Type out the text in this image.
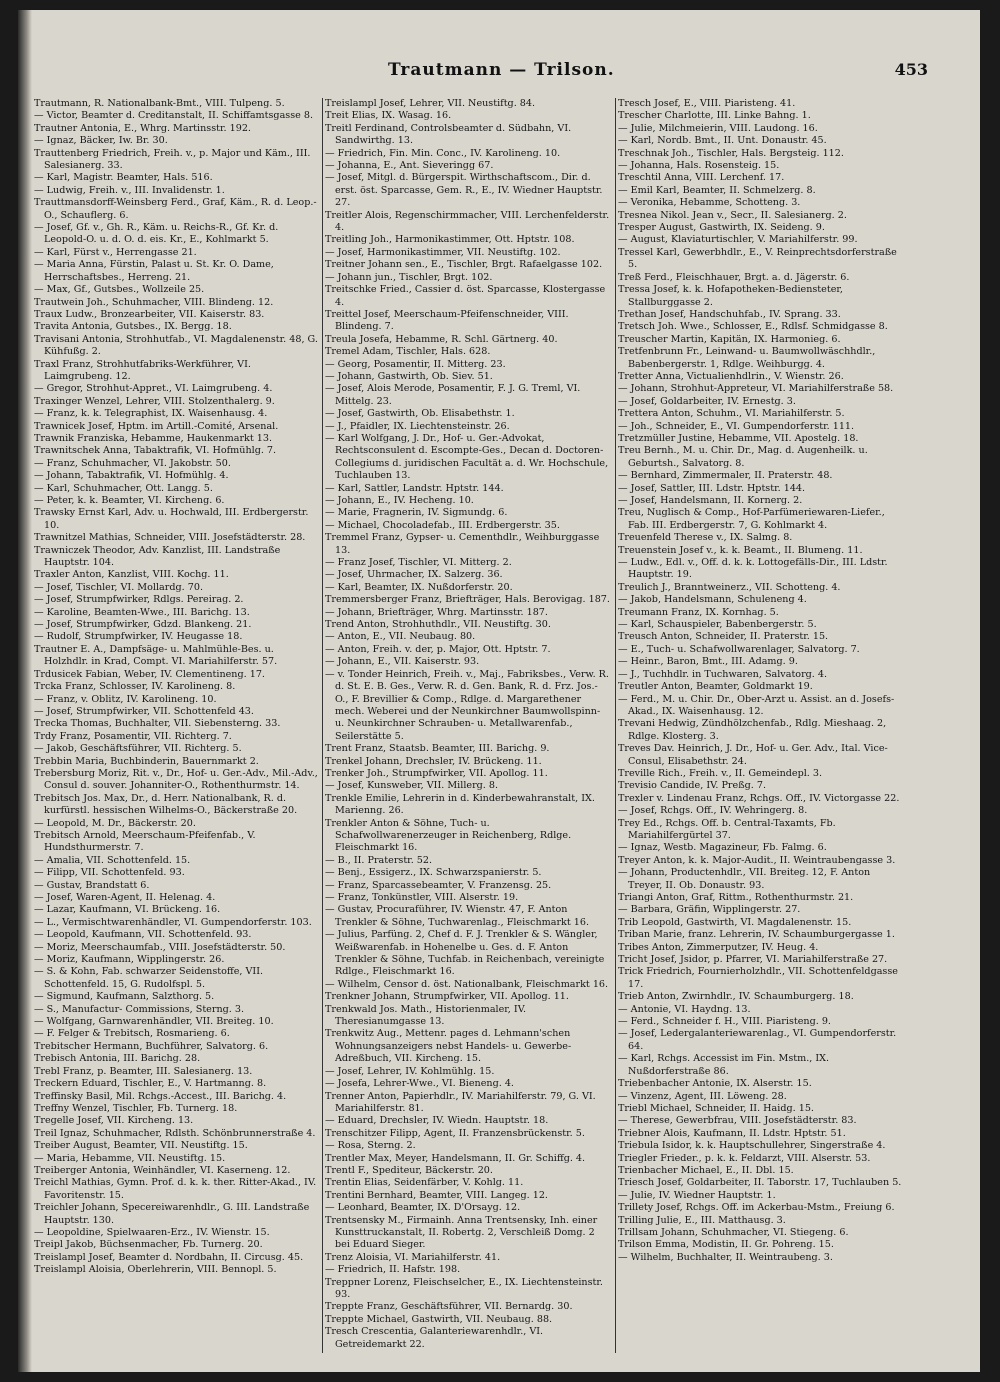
Trautmann — Trilson.	453

Trautmann, R. Nationalbank-Bmt., VIII. Tulpeng. 5.

— Victor, Beamter d. Creditanstalt, II. Schiffamtsgasse 8.

Trautner Antonia, E., Whrg. Martinsstr. 192.

— Ignaz, Bäcker, Iw. Br. 30.

Trauttenberg Friedrich, Freih. v., p. Major und Käm., III. Salesianerg. 33.

— Karl, Magistr. Beamter, Hals. 516.

— Ludwig, Freih. v., III. Invalidenstr. 1.

Trauttmansdorff-Weinsberg Ferd., Graf, Käm., R. d. Leop.-O., Schauflerg. 6.

— Josef, Gf. v., Gh. R., Käm. u. Reichs-R., Gf. Kr. d. Leopold-O. u. d. O. d. eis. Kr., E., Kohlmarkt 5.

— Karl, Fürst v., Herrengasse 21.

— Maria Anna, Fürstin, Palast u. St. Kr. O. Dame, Herrschaftsbes., Herreng. 21.

— Max, Gf., Gutsbes., Wollzeile 25.

Trautwein Joh., Schuhmacher, VIII. Blindeng. 12.

Traux Ludw., Bronzearbeiter, VII. Kaiserstr. 83.

Travita Antonia, Gutsbes., IX. Bergg. 18.

Travisani Antonia, Strohhutfab., VI. Magdalenenstr. 48, G. Kühfußg. 2.

Traxl Franz, Strohhutfabriks-Werkführer, VI. Laimgrubeng. 12.

— Gregor, Strohhut-Appret., VI. Laimgrubeng. 4.

Traxinger Wenzel, Lehrer, VIII. Stolzenthalerg. 9.

— Franz, k. k. Telegraphist, IX. Waisenhausg. 4.

Trawnicek Josef, Hptm. im Artill.-Comité, Arsenal.

Trawnik Franziska, Hebamme, Haukenmarkt 13.

Trawnitschek Anna, Tabaktrafik, VI. Hofmühlg. 7.

— Franz, Schuhmacher, VI. Jakobstr. 50.

— Johann, Tabaktrafik, VI. Hofmühlg. 4.

— Karl, Schuhmacher, Ott. Langg. 5.

— Peter, k. k. Beamter, VI. Kircheng. 6.

Trawsky Ernst Karl, Adv. u. Hochwald, III. Erdbergerstr. 10.

Trawnitzel Mathias, Schneider, VIII. Josefstädterstr. 28.

Trawniczek Theodor, Adv. Kanzlist, III. Landstraße Hauptstr. 104.

Traxler Anton, Kanzlist, VIII. Kochg. 11.

— Josef, Tischler, VI. Mollardg. 70.

— Josef, Strumpfwirker, Rdlgs. Pereirag. 2.

— Karoline, Beamten-Wwe., III. Barichg. 13.

— Josef, Strumpfwirker, Gdzd. Blankeng. 21.

— Rudolf, Strumpfwirker, IV. Heugasse 18.

Trautner E. A., Dampfsäge- u. Mahlmühle-Bes. u. Holzhdlr. in Krad, Compt. VI. Mariahilferstr. 57.

Trdusicek Fabian, Weber, IV. Clementineng. 17.

Trcka Franz, Schlosser, IV. Karolineng. 8.

— Franz, v. Oblitz, IV. Karolineng. 10.

— Josef, Strumpfwirker, VII. Schottenfeld 43.

Trecka Thomas, Buchhalter, VII. Siebensterng. 33.

Trdy Franz, Posamentir, VII. Richterg. 7.

— Jakob, Geschäftsführer, VII. Richterg. 5.

Trebbin Maria, Buchbinderin, Bauernmarkt 2.

Trebersburg Moriz, Rit. v., Dr., Hof- u. Ger.-Adv., Mil.-Adv., Consul d. souver. Johanniter-O., Rothenthurmstr. 14.

Trebitsch Jos. Max, Dr., d. Herr. Nationalbank, R. d. kurfürstl. hessischen Wilhelms-O., Bäckerstraße 20.

— Leopold, M. Dr., Bäckerstr. 20.

Trebitsch Arnold, Meerschaum-Pfeifenfab., V. Hundsthurmerstr. 7.

— Amalia, VII. Schottenfeld. 15.

— Filipp, VII. Schottenfeld. 93.

— Gustav, Brandstatt 6.

— Josef, Waren-Agent, II. Helenag. 4.

— Lazar, Kaufmann, VI. Brückeng. 16.

— L., Vermischtwarenhändler, VI. Gumpendorferstr. 103.

— Leopold, Kaufmann, VII. Schottenfeld. 93.

— Moriz, Meerschaumfab., VIII. Josefstädterstr. 50.

— Moriz, Kaufmann, Wipplingerstr. 26.

— S. & Kohn, Fab. schwarzer Seidenstoffe, VII. Schottenfeld. 15, G. Rudolfspl. 5.

— Sigmund, Kaufmann, Salzthorg. 5.

— S., Manufactur- Commissions, Sterng. 3.

— Wolfgang, Garnwarenhändler, VII. Breiteg. 10.

— F. Felger & Trebitsch, Rosmarieng. 6.

Trebitscher Hermann, Buchführer, Salvatorg. 6.

Trebisch Antonia, III. Barichg. 28.

Trebl Franz, p. Beamter, III. Salesianerg. 13.

Treckern Eduard, Tischler, E., V. Hartmanng. 8.

Treffinsky Basil, Mil. Rchgs.-Accest., III. Barichg. 4.

Treffny Wenzel, Tischler, Fb. Turnerg. 18.

Tregelle Josef, VII. Kircheng. 13.

Treil Ignaz, Schuhmacher, Rdlsth. Schönbrunnerstraße 4.

Treiber August, Beamter, VII. Neustiftg. 15.

— Maria, Hebamme, VII. Neustiftg. 15.

Treiberger Antonia, Weinhändler, VI. Kaserneng. 12.

Treichl Mathias, Gymn. Prof. d. k. k. ther. Ritter-Akad., IV. Favoritenstr. 15.

Treichler Johann, Specereiwarenhdlr., G. III. Landstraße Hauptstr. 130.

— Leopoldine, Spielwaaren-Erz., IV. Wienstr. 15.

Treipl Jakob, Büchsenmacher, Fb. Turnerg. 20.

Treislampl Josef, Beamter d. Nordbahn, II. Circusg. 45.

Treislampl Aloisia, Oberlehrerin, VIII. Bennopl. 5.

Treislampl Josef, Lehrer, VII. Neustiftg. 84.

Treit Elias, IX. Wasag. 16.

Treitl Ferdinand, Controlsbeamter d. Südbahn, VI. Sandwirthg. 13.

— Friedrich, Fin. Min. Conc., IV. Karolineng. 10.

— Johanna, E., Ant. Sieveringg 67.

— Josef, Mitgl. d. Bürgerspit. Wirthschaftscom., Dir. d. erst. öst. Sparcasse, Gem. R., E., IV. Wiedner Hauptstr. 27.

Treitler Alois, Regenschirmmacher, VIII. Lerchenfelderstr. 4.

Treitling Joh., Harmonikastimmer, Ott. Hptstr. 108.

— Josef, Harmonikastimmer, VII. Neustiftg. 102.

Treitner Johann sen., E., Tischler, Brgt. Rafaelgasse 102.

— Johann jun., Tischler, Brgt. 102.

Treitschke Fried., Cassier d. öst. Sparcasse, Klostergasse 4.

Treittel Josef, Meerschaum-Pfeifenschneider, VIII. Blindeng. 7.

Treula Josefa, Hebamme, R. Schl. Gärtnerg. 40.

Tremel Adam, Tischler, Hals. 628.

— Georg, Posamentir, II. Mitterg. 23.

— Johann, Gastwirth, Ob. Siev. 51.

— Josef, Alois Merode, Posamentir, F. J. G. Treml, VI. Mittelg. 23.

— Josef, Gastwirth, Ob. Elisabethstr. 1.

— J., Pfaidler, IX. Liechtensteinstr. 26.

— Karl Wolfgang, J. Dr., Hof- u. Ger.-Advokat, Rechtsconsulent d. Escompte-Ges., Decan d. Doctoren-Collegiums d. juridischen Facultät a. d. Wr. Hochschule, Tuchlauben 13.

— Karl, Sattler, Landstr. Hptstr. 144.

— Johann, E., IV. Hecheng. 10.

— Marie, Fragnerin, IV. Sigmundg. 6.

— Michael, Chocoladefab., III. Erdbergerstr. 35.

Tremmel Franz, Gypser- u. Cementhdlr., Weihburggasse 13.

— Franz Josef, Tischler, VI. Mitterg. 2.

— Josef, Uhrmacher, IX. Salzerg. 36.

— Karl, Beamter, IX. Nußdorferstr. 20.

Tremmersberger Franz, Briefträger, Hals. Berovigag. 187.

— Johann, Briefträger, Whrg. Martinsstr. 187.

Trend Anton, Strohhuthdlr., VII. Neustiftg. 30.

— Anton, E., VII. Neubaug. 80.

— Anton, Freih. v. der, p. Major, Ott. Hptstr. 7.

— Johann, E., VII. Kaiserstr. 93.

— v. Tonder Heinrich, Freih. v., Maj., Fabriksbes., Verw. R. d. St. E. B. Ges., Verw. R. d. Gen. Bank, R. d. Frz. Jos.-O., F. Brevillier & Comp., Rdlge. d. Margarethener mech. Weberei und der Neunkirchner Baumwollspinn- u. Neunkirchner Schrauben- u. Metallwarenfab., Seilerstätte 5.

Trent Franz, Staatsb. Beamter, III. Barichg. 9.

Trenkel Johann, Drechsler, IV. Brückeng. 11.

Trenker Joh., Strumpfwirker, VII. Apollog. 11.

— Josef, Kunsweber, VII. Millerg. 8.

Trenkle Emilie, Lehrerin in d. Kinderbewahranstalt, IX. Marienng. 26.

Trenkler Anton & Söhne, Tuch- u. Schafwollwarenerzeuger in Reichenberg, Rdlge. Fleischmarkt 16.

— B., II. Praterstr. 52.

— Benj., Essigerz., IX. Schwarzspanierstr. 5.

— Franz, Sparcassebeamter, V. Franzensg. 25.

— Franz, Tonkünstler, VIII. Alserstr. 19.

— Gustav, Procuraführer, IV. Wienstr. 47, F. Anton Trenkler & Söhne, Tuchwarenlag., Fleischmarkt 16.

— Julius, Parfüng. 2, Chef d. F. J. Trenkler & S. Wängler, Weißwarenfab. in Hohenelbe u. Ges. d. F. Anton Trenkler & Söhne, Tuchfab. in Reichenbach, vereinigte Rdlge., Fleischmarkt 16.

— Wilhelm, Censor d. öst. Nationalbank, Fleischmarkt 16.

Trenkner Johann, Strumpfwirker, VII. Apollog. 11.

Trenkwald Jos. Math., Historienmaler, IV. Theresianumgasse 13.

Trenkwitz Aug., Mettenr. pages d. Lehmann'schen Wohnungsanzeigers nebst Handels- u. Gewerbe-Adreßbuch, VII. Kircheng. 15.

— Josef, Lehrer, IV. Kohlmühlg. 15.

— Josefa, Lehrer-Wwe., VI. Bieneng. 4.

Trenner Anton, Papierhdlr., IV. Mariahilferstr. 79, G. VI. Mariahilferstr. 81.

— Eduard, Drechsler, IV. Wiedn. Hauptstr. 18.

Trenschitzer Filipp, Agent, II. Franzensbrückenstr. 5.

— Rosa, Sterng. 2.

Trentler Max, Meyer, Handelsmann, II. Gr. Schiffg. 4.

Trentl F., Spediteur, Bäckerstr. 20.

Trentin Elias, Seidenfärber, V. Kohlg. 11.

Trentini Bernhard, Beamter, VIII. Langeg. 12.

— Leonhard, Beamter, IX. D'Orsayg. 12.

Trentsensky M., Firmainh. Anna Trentsensky, Inh. einer Kunsttruckanstalt, II. Robertg. 2, Verschleiß Domg. 2 bei Eduard Sieger.

Trenz Aloisia, VI. Mariahilferstr. 41.

— Friedrich, II. Hafstr. 198.

Treppner Lorenz, Fleischselcher, E., IX. Liechtensteinstr. 93.

Treppte Franz, Geschäftsführer, VII. Bernardg. 30.

Treppte Michael, Gastwirth, VII. Neubaug. 88.

Tresch Crescentia, Galanteriewarenhdlr., VI. Getreidemarkt 22.

Tresch Josef, E., VIII. Piaristeng. 41.

Trescher Charlotte, III. Linke Bahng. 1.

— Julie, Milchmeierin, VIII. Laudong. 16.

— Karl, Nordb. Bmt., II. Unt. Donaustr. 45.

Treschnak Joh., Tischler, Hals. Bergsteig. 112.

— Johanna, Hals. Rosensteig. 15.

Treschtil Anna, VIII. Lerchenf. 17.

— Emil Karl, Beamter, II. Schmelzerg. 8.

— Veronika, Hebamme, Schotteng. 3.

Tresnea Nikol. Jean v., Secr., II. Salesianerg. 2.

Tresper August, Gastwirth, IX. Seideng. 9.

— August, Klaviaturtischler, V. Mariahilferstr. 99.

Tressel Karl, Gewerbhdlr., E., V. Reinprechtsdorferstraße 5.

Treß Ferd., Fleischhauer, Brgt. a. d. Jägerstr. 6.

Tressa Josef, k. k. Hofapotheken-Bediensteter, Stallburggasse 2.

Trethan Josef, Handschuhfab., IV. Sprang. 33.

Tretsch Joh. Wwe., Schlosser, E., Rdlsf. Schmidgasse 8.

Treuscher Martin, Kapitän, IX. Harmonieg. 6.

Tretfenbrunn Fr., Leinwand- u. Baumwollwäschhdlr., Babenbergerstr. 1, Rdlge. Weihburgg. 4.

Tretter Anna, Victualienhdlrin., V. Wienstr. 26.

— Johann, Strohhut-Appreteur, VI. Mariahilferstraße 58.

— Josef, Goldarbeiter, IV. Ernestg. 3.

Trettera Anton, Schuhm., VI. Mariahilferstr. 5.

— Joh., Schneider, E., VI. Gumpendorferstr. 111.

Tretzmüller Justine, Hebamme, VII. Apostelg. 18.

Treu Bernh., M. u. Chir. Dr., Mag. d. Augenheilk. u. Geburtsh., Salvatorg. 8.

— Bernhard, Zimmermaler, II. Praterstr. 48.

— Josef, Sattler, III. Ldstr. Hptstr. 144.

— Josef, Handelsmann, II. Kornerg. 2.

Treu, Nuglisch & Comp., Hof-Parfümeriewaren-Liefer., Fab. III. Erdbergerstr. 7, G. Kohlmarkt 4.

Treuenfeld Therese v., IX. Salmg. 8.

Treuenstein Josef v., k. k. Beamt., II. Blumeng. 11.

— Ludw., Edl. v., Off. d. k. k. Lottogefälls-Dir., III. Ldstr. Hauptstr. 19.

Treulich J., Branntweinerz., VII. Schotteng. 4.

— Jakob, Handelsmann, Schuleneng 4.

Treumann Franz, IX. Kornhag. 5.

— Karl, Schauspieler, Babenbergerstr. 5.

Treusch Anton, Schneider, II. Praterstr. 15.

— E., Tuch- u. Schafwollwarenlager, Salvatorg. 7.

— Heinr., Baron, Bmt., III. Adamg. 9.

— J., Tuchhdlr. in Tuchwaren, Salvatorg. 4.

Treutler Anton, Beamter, Goldmarkt 19.

— Ferd., M. u. Chir. Dr., Ober-Arzt u. Assist. an d. Josefs-Akad., IX. Waisenhausg. 12.

Trevani Hedwig, Zündhölzchenfab., Rdlg. Mieshaag. 2, Rdlge. Klosterg. 3.

Treves Dav. Heinrich, J. Dr., Hof- u. Ger. Adv., Ital. Vice-Consul, Elisabethstr. 24.

Treville Rich., Freih. v., II. Gemeindepl. 3.

Trevisio Candide, IV. Preßg. 7.

Trexler v. Lindenau Franz, Rchgs. Off., IV. Victorgasse 22.

— Josef, Rchgs. Off., IV. Wehringerg. 8.

Trey Ed., Rchgs. Off. b. Central-Taxamts, Fb. Mariahilfergürtel 37.

— Ignaz, Westb. Magazineur, Fb. Falmg. 6.

Treyer Anton, k. k. Major-Audit., II. Weintraubengasse 3.

— Johann, Productenhdlr., VII. Breiteg. 12, F. Anton Treyer, II. Ob. Donaustr. 93.

Triangi Anton, Graf, Rittm., Rothenthurmstr. 21.

— Barbara, Gräfin, Wipplingerstr. 27.

Trib Leopold, Gastwirth, VI. Magdalenenstr. 15.

Triban Marie, franz. Lehrerin, IV. Schaumburgergasse 1.

Tribes Anton, Zimmerputzer, IV. Heug. 4.

Tricht Josef, Jsidor, p. Pfarrer, VI. Mariahilferstraße 27.

Trick Friedrich, Fournierholzhdlr., VII. Schottenfeldgasse 17.

Trieb Anton, Zwirnhdlr., IV. Schaumburgerg. 18.

— Antonie, VI. Haydng. 13.

— Ferd., Schneider f. H., VIII. Piaristeng. 9.

— Josef, Ledergalanteriewarenlag., VI. Gumpendorferstr. 64.

— Karl, Rchgs. Accessist im Fin. Mstm., IX. Nußdorferstraße 86.

Triebenbacher Antonie, IX. Alserstr. 15.

— Vinzenz, Agent, III. Löweng. 28.

Triebl Michael, Schneider, II. Haidg. 15.

— Therese, Gewerbfrau, VIII. Josefstädterstr. 83.

Triebner Alois, Kaufmann, II. Ldstr. Hptstr. 51.

Triebula Isidor, k. k. Hauptschullehrer, Singerstraße 4.

Triegler Frieder., p. k. k. Feldarzt, VIII. Alserstr. 53.

Trienbacher Michael, E., II. Dbl. 15.

Triesch Josef, Goldarbeiter, II. Taborstr. 17, Tuchlauben 5.

— Julie, IV. Wiedner Hauptstr. 1.

Trillety Josef, Rchgs. Off. im Ackerbau-Mstm., Freiung 6.

Trilling Julie, E., III. Matthausg. 3.

Trillsam Johann, Schuhmacher, VI. Stiegeng. 6.

Trilson Emma, Modistin, II. Gr. Pohreng. 15.

— Wilhelm, Buchhalter, II. Weintraubeng. 3.
